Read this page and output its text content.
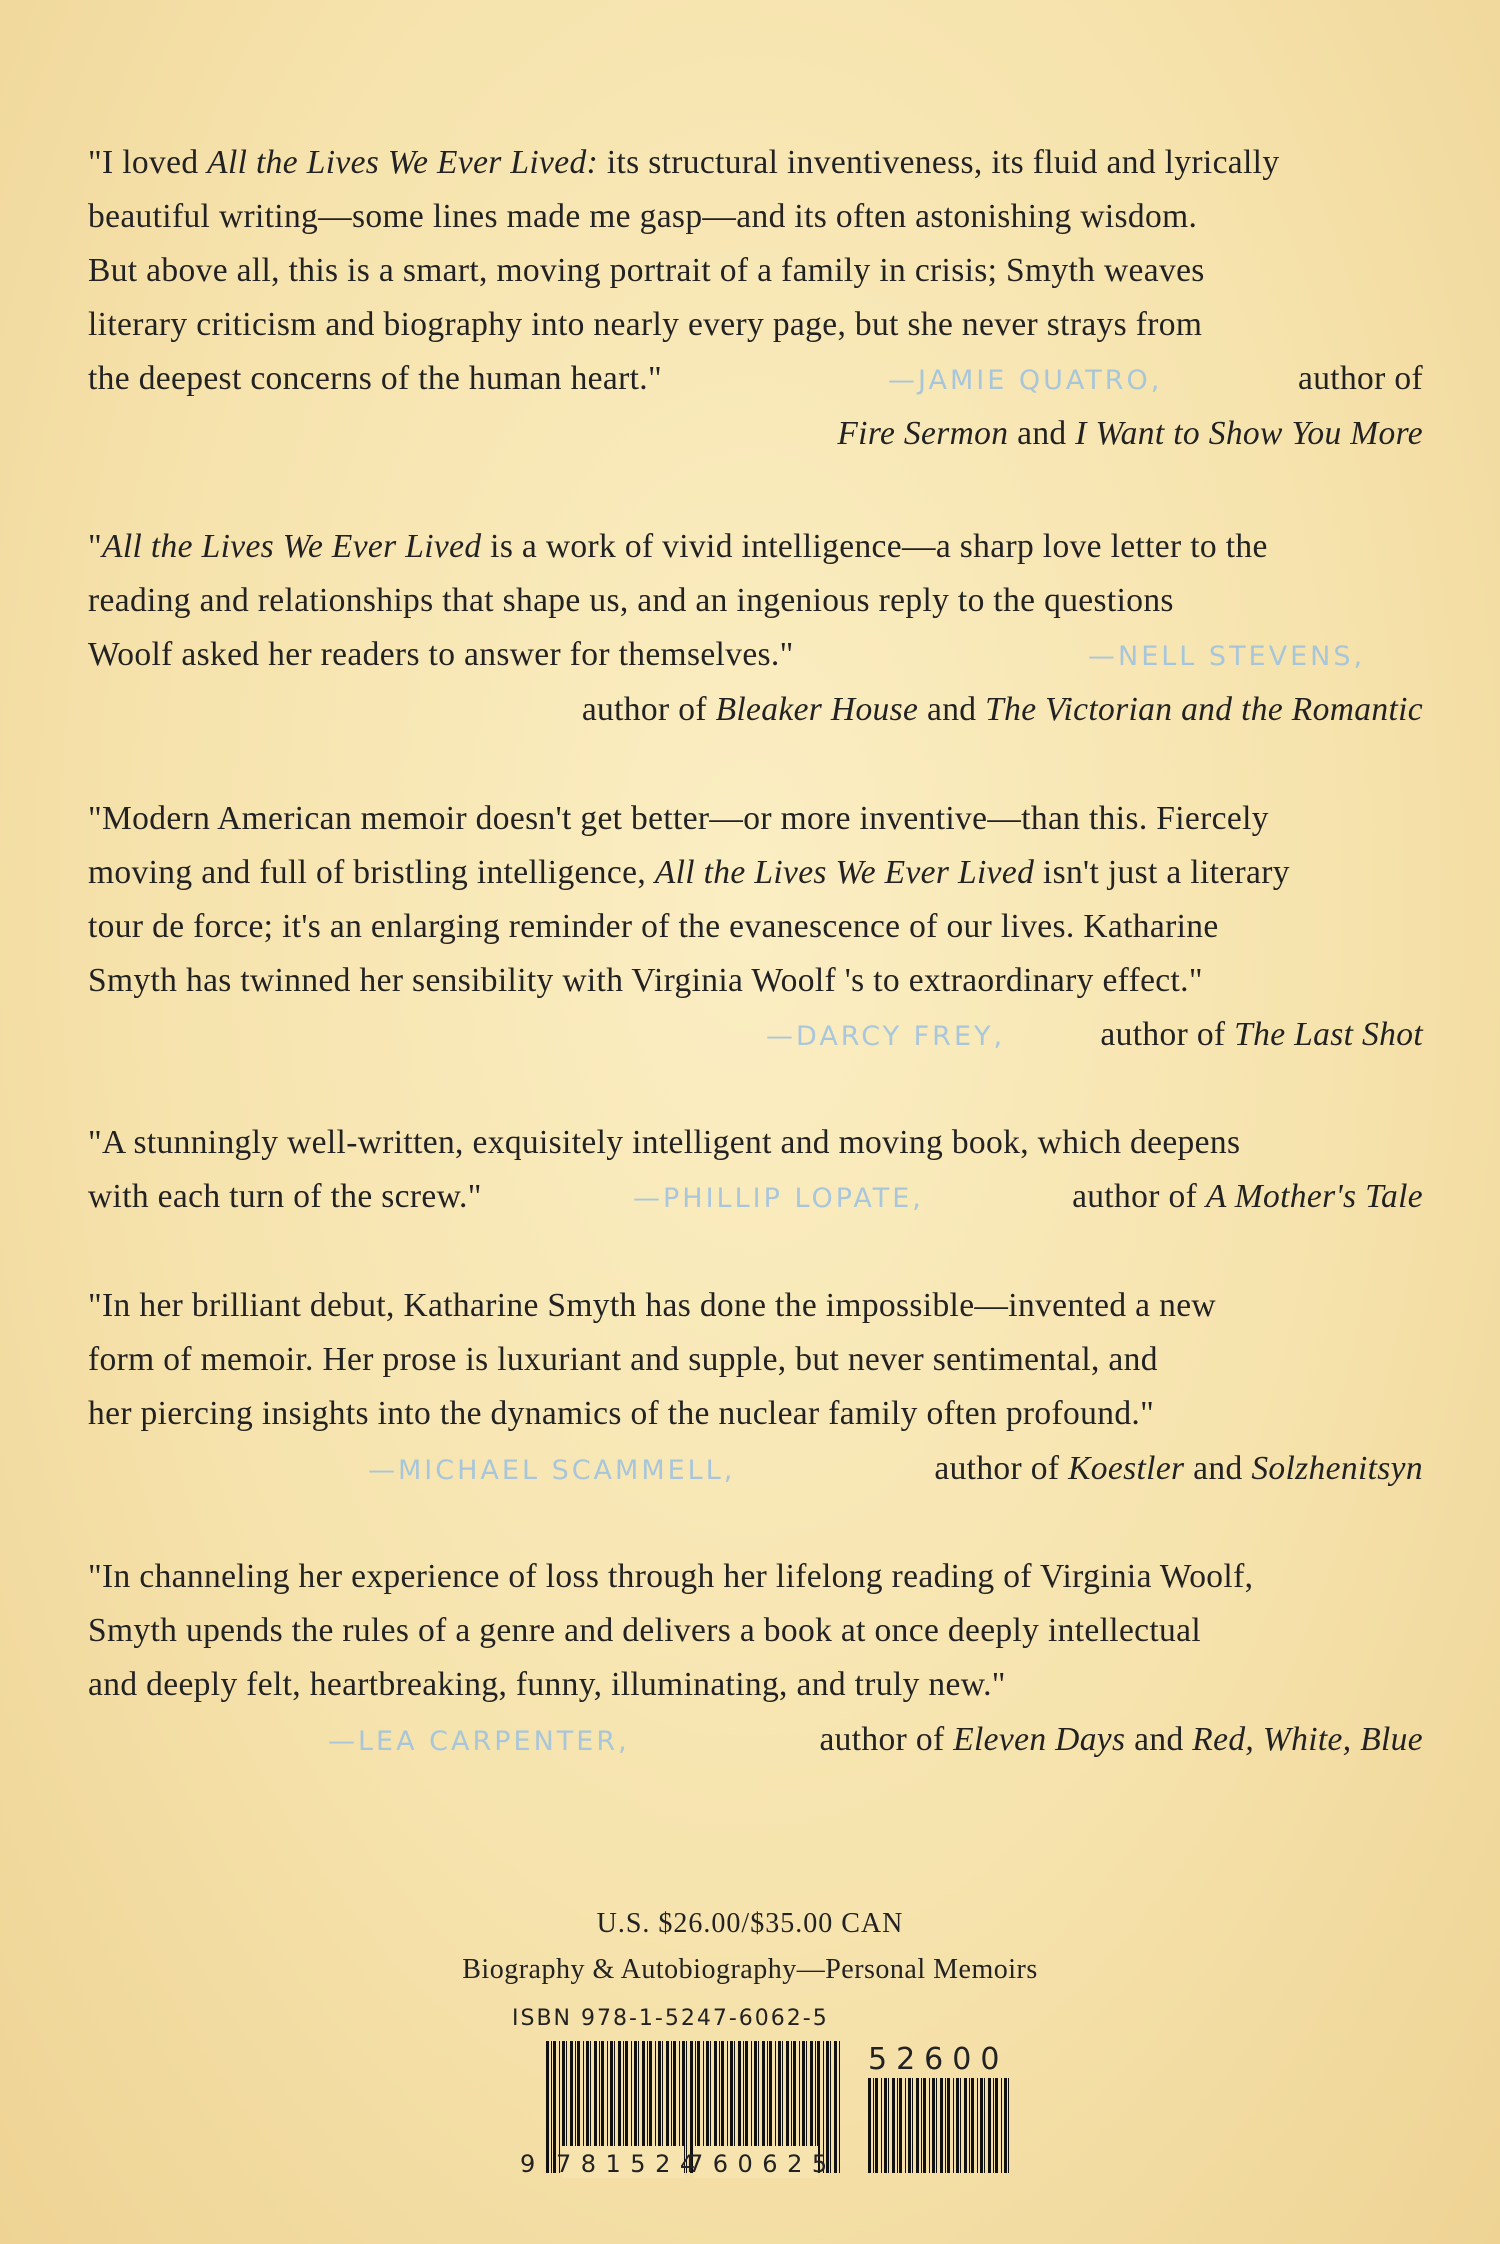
"I loved All the Lives We Ever Lived: its structural inventiveness, its fluid and lyrically
beautiful writing—some lines made me gasp—and its often astonishing wisdom.
But above all, this is a smart, moving portrait of a family in crisis; Smyth weaves
literary criticism and biography into nearly every page, but she never strays from
the deepest concerns of the human heart."	—JAMIE QUATRO,	author of
Fire Sermon and I Want to Show You More
"All the Lives We Ever Lived is a work of vivid intelligence—a sharp love letter to the
reading and relationships that shape us, and an ingenious reply to the questions
Woolf asked her readers to answer for themselves."	—NELL STEVENS,
author of Bleaker House and The Victorian and the Romantic
"Modern American memoir doesn't get better—or more inventive—than this. Fiercely
moving and full of bristling intelligence, All the Lives We Ever Lived isn't just a literary
tour de force; it's an enlarging reminder of the evanescence of our lives. Katharine
Smyth has twinned her sensibility with Virginia Woolf 's to extraordinary effect."
—DARCY FREY,	author of The Last Shot
"A stunningly well-written, exquisitely intelligent and moving book, which deepens
with each turn of the screw."	—PHILLIP LOPATE,	author of A Mother's Tale
"In her brilliant debut, Katharine Smyth has done the impossible—invented a new
form of memoir. Her prose is luxuriant and supple, but never sentimental, and
her piercing insights into the dynamics of the nuclear family often profound."
—MICHAEL SCAMMELL,	author of Koestler and Solzhenitsyn
"In channeling her experience of loss through her lifelong reading of Virginia Woolf,
Smyth upends the rules of a genre and delivers a book at once deeply intellectual
and deeply felt, heartbreaking, funny, illuminating, and truly new."
—LEA CARPENTER,	author of Eleven Days and Red, White, Blue
U.S. $26.00/$35.00 CAN
Biography & Autobiography—Personal Memoirs
ISBN 978-1-5247-6062-5
52600
9 781524
760625
